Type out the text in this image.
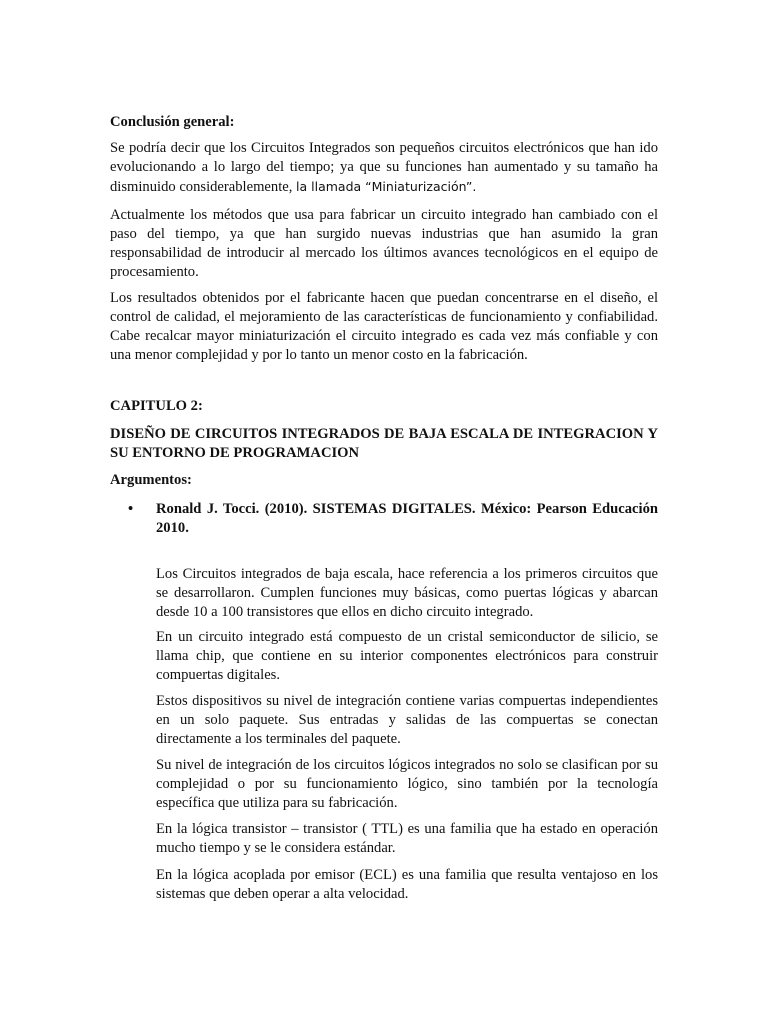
Conclusión general:

Se podría decir que los Circuitos Integrados son pequeños circuitos electrónicos que han ido evolucionando a lo largo del tiempo; ya que su funciones han aumentado y su tamaño ha disminuido considerablemente, la llamada “Miniaturización”.

Actualmente los métodos que usa para fabricar un circuito integrado han cambiado con el paso del tiempo, ya que han surgido nuevas industrias que han asumido la gran responsabilidad de introducir al mercado los últimos avances tecnológicos en el equipo de procesamiento.

Los resultados obtenidos por el fabricante hacen que puedan concentrarse en el diseño, el control de calidad, el mejoramiento de las características de funcionamiento y confiabilidad. Cabe recalcar mayor miniaturización el circuito integrado es cada vez más confiable y con una menor complejidad y por lo tanto un menor costo en la fabricación.

CAPITULO 2:
DISEÑO DE CIRCUITOS INTEGRADOS DE BAJA ESCALA DE INTEGRACION Y SU ENTORNO DE PROGRAMACION
Argumentos:
•	Ronald J. Tocci. (2010). SISTEMAS DIGITALES. México: Pearson Educación 2010.

Los Circuitos integrados de baja escala, hace referencia a los primeros circuitos que se desarrollaron. Cumplen funciones muy básicas, como puertas lógicas y abarcan desde 10 a 100 transistores que ellos en dicho circuito integrado.

En un circuito integrado está compuesto de un cristal semiconductor de silicio, se llama chip, que contiene en su interior componentes electrónicos para construir compuertas digitales.

Estos dispositivos su nivel de integración contiene varias compuertas independientes en un solo paquete. Sus entradas y salidas de las compuertas se conectan directamente a los terminales del paquete.

Su nivel de integración de los circuitos lógicos integrados no solo se clasifican por su complejidad o por su funcionamiento lógico, sino también por la tecnología específica que utiliza para su fabricación.

En la lógica transistor – transistor ( TTL) es una familia que ha estado en operación mucho tiempo y se le considera estándar.

En la lógica acoplada por emisor (ECL) es una familia que resulta ventajoso en los sistemas que deben operar a alta velocidad.
